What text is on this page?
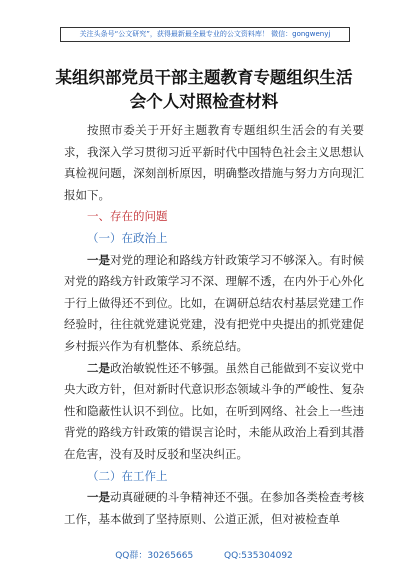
关注头条号“公文研究”，获得最新最全最专业的公文资料库！ 微信：gongwenyj
某组织部党员干部主题教育专题组织生活
会个人对照检查材料

按照市委关于开好主题教育专题组织生活会的有关要求，我深入学习贯彻习近平新时代中国特色社会主义思想认真检视问题，深刻剖析原因，明确整改措施与努力方向现汇报如下。

一、存在的问题

（一）在政治上

一是对党的理论和路线方针政策学习不够深入。有时候对党的路线方针政策学习不深、理解不透，在内外于心外化于行上做得还不到位。比如，在调研总结农村基层党建工作经验时，往往就党建说党建，没有把党中央提出的抓党建促乡村振兴作为有机整体、系统总结。

二是政治敏锐性还不够强。虽然自己能做到不妄议党中央大政方针，但对新时代意识形态领域斗争的严峻性、复杂性和隐蔽性认识不到位。比如，在听到网络、社会上一些违背党的路线方针政策的错误言论时，未能从政治上看到其潜在危害，没有及时反驳和坚决纠正。

（二）在工作上

一是动真碰硬的斗争精神还不强。在参加各类检查考核工作，基本做到了坚持原则、公道正派，但对被检查单

QQ群：30265665	QQ:535304092
